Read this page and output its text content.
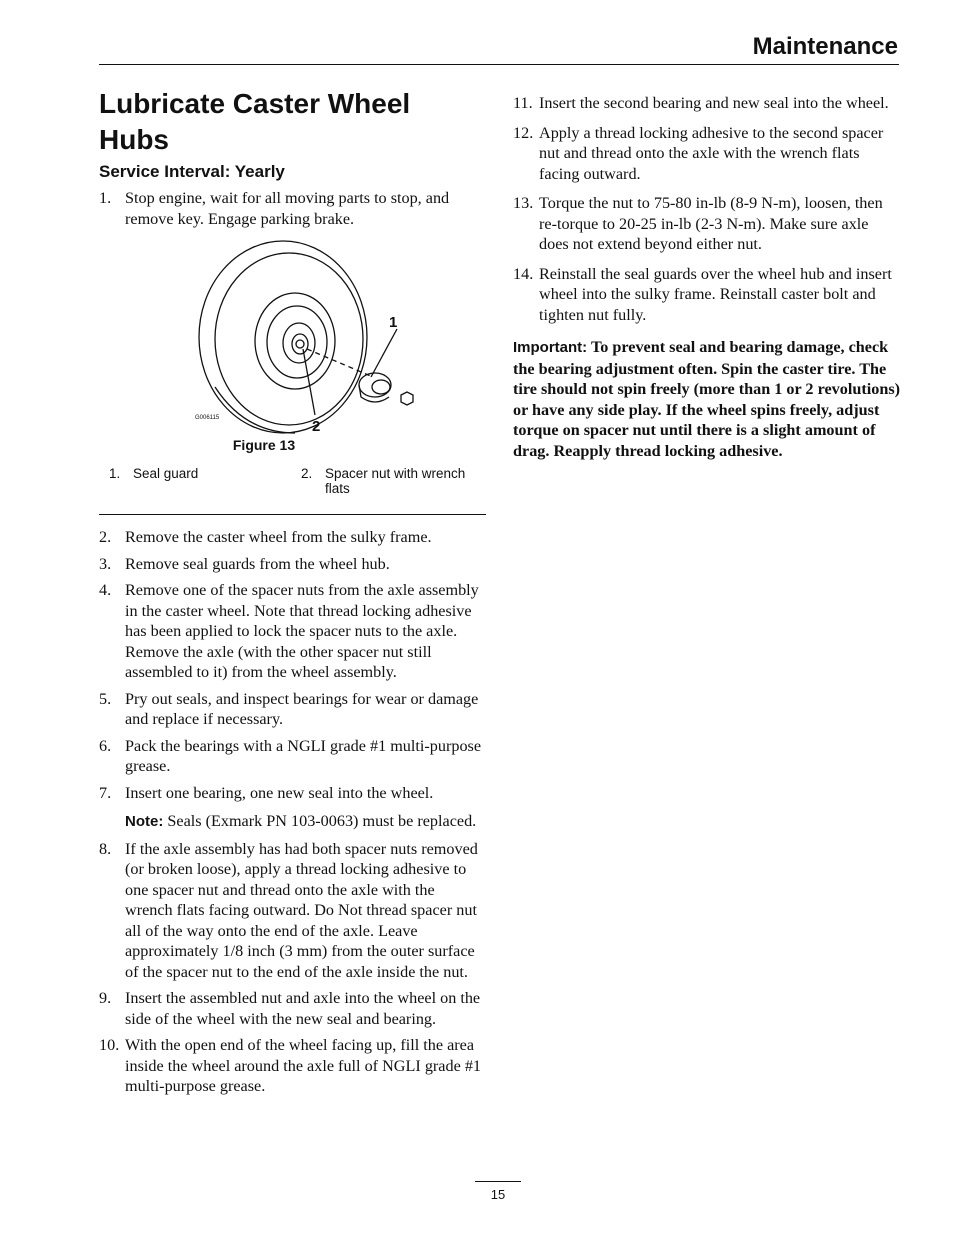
Maintenance
Lubricate Caster Wheel Hubs
Service Interval: Yearly
1. Stop engine, wait for all moving parts to stop, and remove key. Engage parking brake.
1
2
G006115
Figure 13
1. Seal guard	2. Spacer nut with wrench flats
2. Remove the caster wheel from the sulky frame.
3. Remove seal guards from the wheel hub.
4. Remove one of the spacer nuts from the axle assembly in the caster wheel. Note that thread locking adhesive has been applied to lock the spacer nuts to the axle. Remove the axle (with the other spacer nut still assembled to it) from the wheel assembly.
5. Pry out seals, and inspect bearings for wear or damage and replace if necessary.
6. Pack the bearings with a NGLI grade #1 multi-purpose grease.
7. Insert one bearing, one new seal into the wheel.
Note: Seals (Exmark PN 103-0063) must be replaced.
8. If the axle assembly has had both spacer nuts removed (or broken loose), apply a thread locking adhesive to one spacer nut and thread onto the axle with the wrench flats facing outward. Do Not thread spacer nut all of the way onto the end of the axle. Leave approximately 1/8 inch (3 mm) from the outer surface of the spacer nut to the end of the axle inside the nut.
9. Insert the assembled nut and axle into the wheel on the side of the wheel with the new seal and bearing.
10. With the open end of the wheel facing up, fill the area inside the wheel around the axle full of NGLI grade #1 multi-purpose grease.
11. Insert the second bearing and new seal into the wheel.
12. Apply a thread locking adhesive to the second spacer nut and thread onto the axle with the wrench flats facing outward.
13. Torque the nut to 75-80 in-lb (8-9 N-m), loosen, then re-torque to 20-25 in-lb (2-3 N-m). Make sure axle does not extend beyond either nut.
14. Reinstall the seal guards over the wheel hub and insert wheel into the sulky frame. Reinstall caster bolt and tighten nut fully.
Important: To prevent seal and bearing damage, check the bearing adjustment often. Spin the caster tire. The tire should not spin freely (more than 1 or 2 revolutions) or have any side play. If the wheel spins freely, adjust torque on spacer nut until there is a slight amount of drag. Reapply thread locking adhesive.
15
